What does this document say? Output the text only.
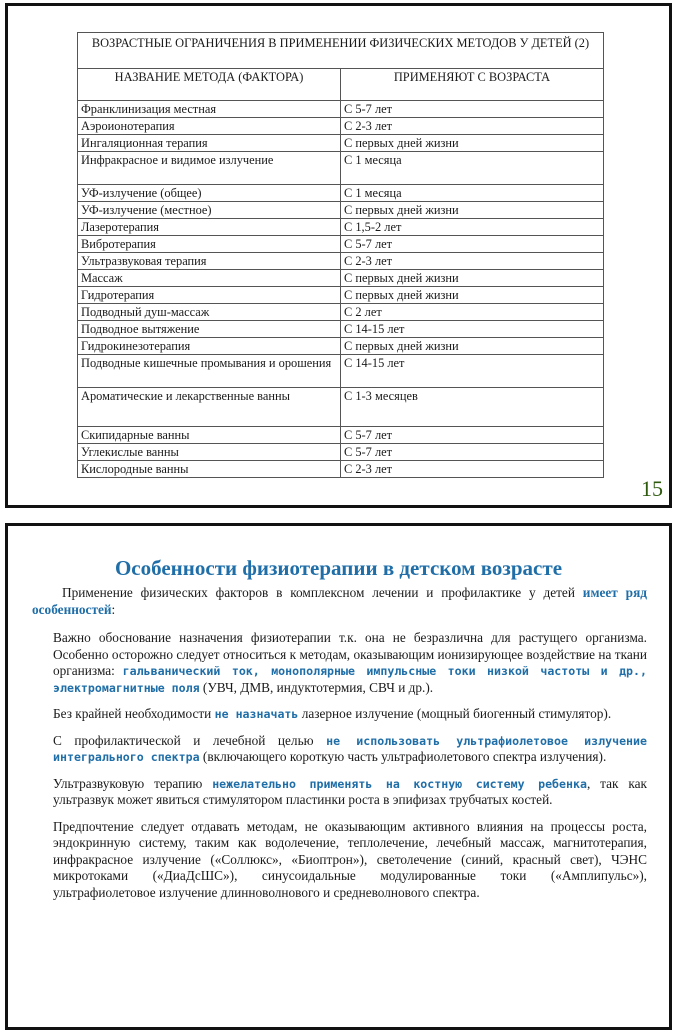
ВОЗРАСТНЫЕ ОГРАНИЧЕНИЯ В ПРИМЕНЕНИИ ФИЗИЧЕСКИХ МЕТОДОВ У ДЕТЕЙ (2)	
НАЗВАНИЕ МЕТОДА (ФАКТОРА)	ПРИМЕНЯЮТ С ВОЗРАСТА
Франклинизация местная	С 5-7 лет
Аэроионотерапия	С 2-3 лет
Ингаляционная терапия	С первых дней жизни
Инфракрасное и видимое излучение	С 1 месяца
УФ-излучение (общее)	С 1 месяца
УФ-излучение (местное)	С первых дней жизни
Лазеротерапия	С 1,5-2 лет
Вибротерапия	С 5-7 лет
Ультразвуковая терапия	С 2-3 лет
Массаж	С первых дней жизни
Гидротерапия	С первых дней жизни
Подводный душ-массаж	С 2 лет
Подводное вытяжение	С 14-15 лет
Гидрокинезотерапия	С первых дней жизни
Подводные кишечные промывания и орошения	С 14-15 лет
Ароматические и лекарственные ванны	С 1-3 месяцев
Скипидарные ванны	С 5-7 лет
Углекислые ванны	С 5-7 лет
Кислородные ванны	С 2-3 лет
15
Особенности физиотерапии в детском возрасте
Применение физических факторов в комплексном лечении и профилактике у детей имеет ряд особенностей:

Важно обоснование назначения физиотерапии т.к. она не безразлична для растущего организма. Особенно осторожно следует относиться к методам, оказывающим ионизирующее воздействие на ткани организма: гальванический ток, монополярные импульсные токи низкой частоты и др., электромагнитные поля (УВЧ, ДМВ, индуктотермия, СВЧ и др.).

Без крайней необходимости не назначать лазерное излучение (мощный биогенный стимулятор).

С профилактической и лечебной целью не использовать ультрафиолетовое излучение интегрального спектра (включающего короткую часть ультрафиолетового спектра излучения).

Ультразвуковую терапию нежелательно применять на костную систему ребенка, так как ультразвук может явиться стимулятором пластинки роста в эпифизах трубчатых костей.

Предпочтение следует отдавать методам, не оказывающим активного влияния на процессы роста, эндокринную систему, таким как водолечение, теплолечение, лечебный массаж, магнитотерапия, инфракрасное излучение («Соллюкс», «Биоптрон»), светолечение (синий, красный свет), ЧЭНС микротоками («ДиаДсШС»), синусоидальные модулированные токи («Амплипульс»), ультрафиолетовое излучение длинноволнового и средневолнового спектра.
